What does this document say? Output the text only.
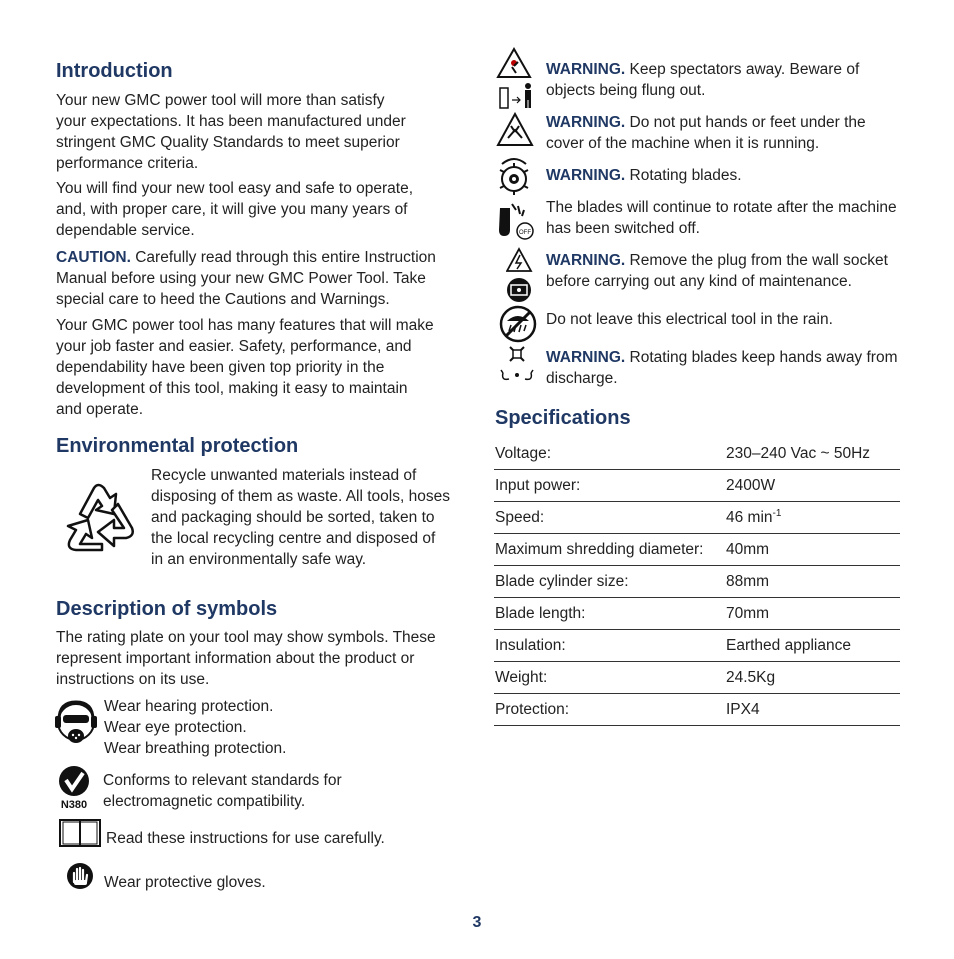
Introduction

Your new GMC power tool will more than satisfy your expectations. It has been manufactured under stringent GMC Quality Standards to meet superior performance criteria.

You will find your new tool easy and safe to operate, and, with proper care, it will give you many years of dependable service.

CAUTION. Carefully read through this entire Instruction Manual before using your new GMC Power Tool. Take special care to heed the Cautions and Warnings.

Your GMC power tool has many features that will make your job faster and easier. Safety, performance, and dependability have been given top priority in the development of this tool, making it easy to maintain and operate.

Environmental protection

Recycle unwanted materials instead of disposing of them as waste. All tools, hoses and packaging should be sorted, taken to the local recycling centre and disposed of in an environmentally safe way.

Description of symbols

The rating plate on your tool may show symbols. These represent important information about the product or instructions on its use.

Wear hearing protection.
Wear eye protection.
Wear breathing protection.
N380

Conforms to relevant standards for electromagnetic compatibility.

Read these instructions for use carefully.

Wear protective gloves.

WARNING. Keep spectators away. Beware of objects being flung out.
WARNING. Do not put hands or feet under the cover of the machine when it is running.
WARNING. Rotating blades.
OFF
The blades will continue to rotate after the machine has been switched off.
WARNING. Remove the plug from the wall socket before carrying out any kind of maintenance.
Do not leave this electrical tool in the rain.
WARNING. Rotating blades keep hands away from discharge.
Specifications
Voltage:	230–240 Vac ~ 50Hz
Input power:	2400W
Speed:	46 $\min^{-1}$
Maximum shredding diameter:	40mm
Blade cylinder size:	88mm
Blade length:	70mm
Insulation:	Earthed appliance
Weight:	24.5Kg
Protection:	IPX4
3
